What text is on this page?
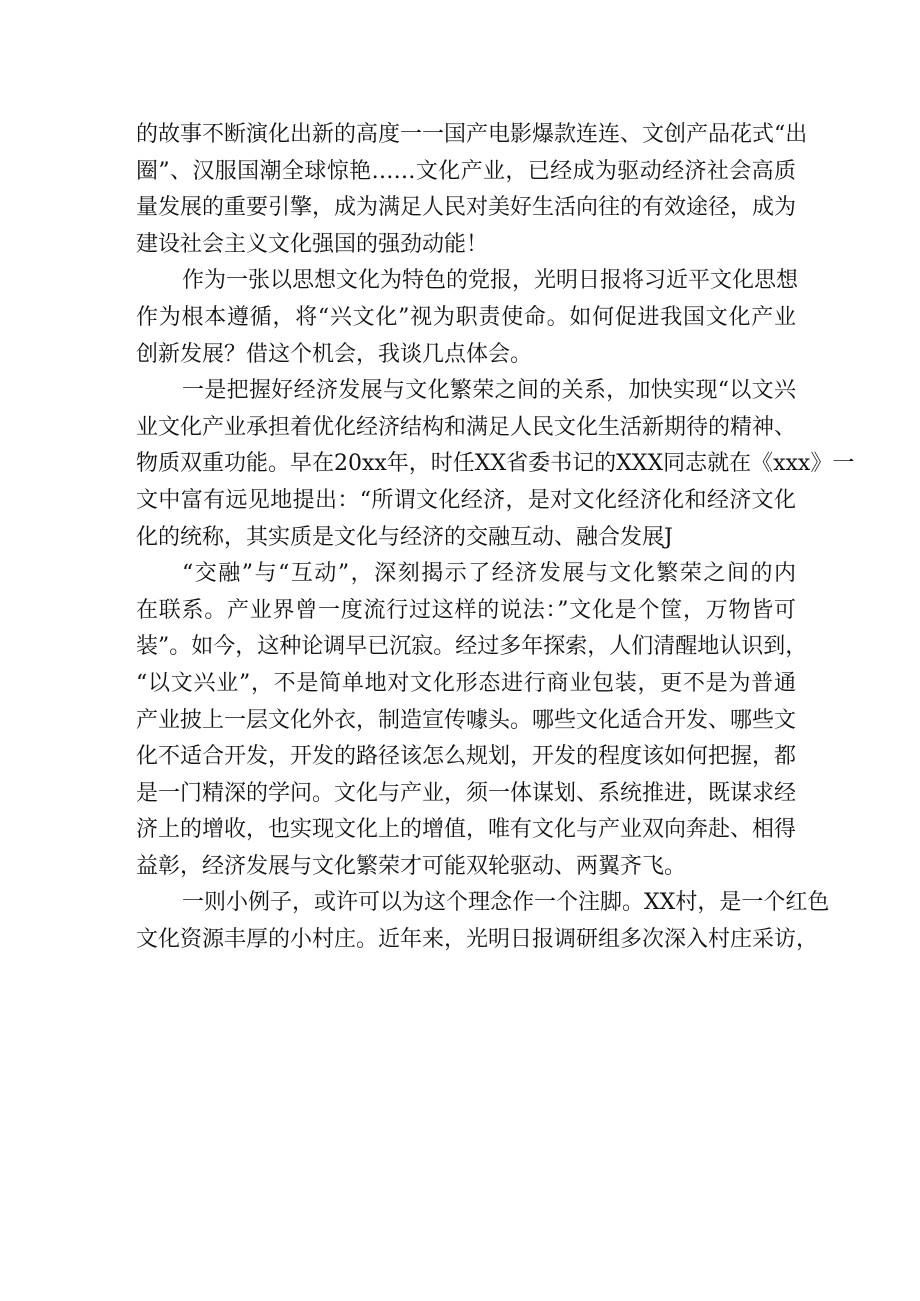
的故事不断演化出新的高度一一国产电影爆款连连、文创产品花式“出
圈”、汉服国潮全球惊艳……文化产业，已经成为驱动经济社会高质
量发展的重要引擎，成为满足人民对美好生活向往的有效途径，成为
建设社会主义文化强国的强劲动能！
作为一张以思想文化为特色的党报，光明日报将习近平文化思想
作为根本遵循，将“兴文化”视为职责使命。如何促进我国文化产业
创新发展？借这个机会，我谈几点体会。
一是把握好经济发展与文化繁荣之间的关系，加快实现“以文兴
业文化产业承担着优化经济结构和满足人民文化生活新期待的精神、
物质双重功能。早在20xx年，时任XX省委书记的XXX同志就在《xxx》一
文中富有远见地提出：“所谓文化经济，是对文化经济化和经济文化
化的统称，其实质是文化与经济的交融互动、融合发展J
“交融”与“互动”，深刻揭示了经济发展与文化繁荣之间的内
在联系。产业界曾一度流行过这样的说法：”文化是个筐，万物皆可
装”。如今，这种论调早已沉寂。经过多年探索，人们清醒地认识到，
“以文兴业”，不是简单地对文化形态进行商业包装，更不是为普通
产业披上一层文化外衣，制造宣传噱头。哪些文化适合开发、哪些文
化不适合开发，开发的路径该怎么规划，开发的程度该如何把握，都
是一门精深的学问。文化与产业，须一体谋划、系统推进，既谋求经
济上的增收，也实现文化上的增值，唯有文化与产业双向奔赴、相得
益彰，经济发展与文化繁荣才可能双轮驱动、两翼齐飞。
一则小例子，或许可以为这个理念作一个注脚。XX村，是一个红色
文化资源丰厚的小村庄。近年来，光明日报调研组多次深入村庄采访，
